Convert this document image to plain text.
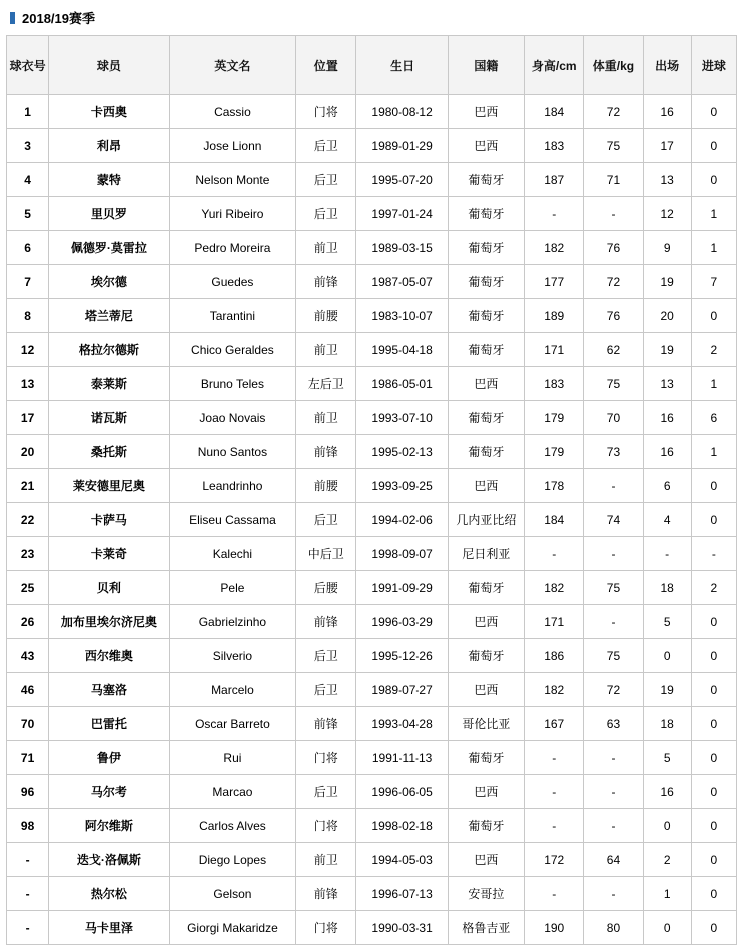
2018/19赛季
球衣号	球员	英文名	位置	生日	国籍	身高/cm	体重/kg	出场	进球
1	卡西奥	Cassio	门将	1980-08-12	巴西	184	72	16	0
3	利昂	Jose Lionn	后卫	1989-01-29	巴西	183	75	17	0
4	蒙特	Nelson Monte	后卫	1995-07-20	葡萄牙	187	71	13	0
5	里贝罗	Yuri Ribeiro	后卫	1997-01-24	葡萄牙	-	-	12	1
6	佩德罗·莫雷拉	Pedro Moreira	前卫	1989-03-15	葡萄牙	182	76	9	1
7	埃尔德	Guedes	前锋	1987-05-07	葡萄牙	177	72	19	7
8	塔兰蒂尼	Tarantini	前腰	1983-10-07	葡萄牙	189	76	20	0
12	格拉尔德斯	Chico Geraldes	前卫	1995-04-18	葡萄牙	171	62	19	2
13	泰莱斯	Bruno Teles	左后卫	1986-05-01	巴西	183	75	13	1
17	诺瓦斯	Joao Novais	前卫	1993-07-10	葡萄牙	179	70	16	6
20	桑托斯	Nuno Santos	前锋	1995-02-13	葡萄牙	179	73	16	1
21	莱安德里尼奥	Leandrinho	前腰	1993-09-25	巴西	178	-	6	0
22	卡萨马	Eliseu Cassama	后卫	1994-02-06	几内亚比绍	184	74	4	0
23	卡莱奇	Kalechi	中后卫	1998-09-07	尼日利亚	-	-	-	-
25	贝利	Pele	后腰	1991-09-29	葡萄牙	182	75	18	2
26	加布里埃尔济尼奥	Gabrielzinho	前锋	1996-03-29	巴西	171	-	5	0
43	西尔维奥	Silverio	后卫	1995-12-26	葡萄牙	186	75	0	0
46	马塞洛	Marcelo	后卫	1989-07-27	巴西	182	72	19	0
70	巴雷托	Oscar Barreto	前锋	1993-04-28	哥伦比亚	167	63	18	0
71	鲁伊	Rui	门将	1991-11-13	葡萄牙	-	-	5	0
96	马尔考	Marcao	后卫	1996-06-05	巴西	-	-	16	0
98	阿尔维斯	Carlos Alves	门将	1998-02-18	葡萄牙	-	-	0	0
-	迭戈·洛佩斯	Diego Lopes	前卫	1994-05-03	巴西	172	64	2	0
-	热尔松	Gelson	前锋	1996-07-13	安哥拉	-	-	1	0
-	马卡里泽	Giorgi Makaridze	门将	1990-03-31	格鲁吉亚	190	80	0	0
